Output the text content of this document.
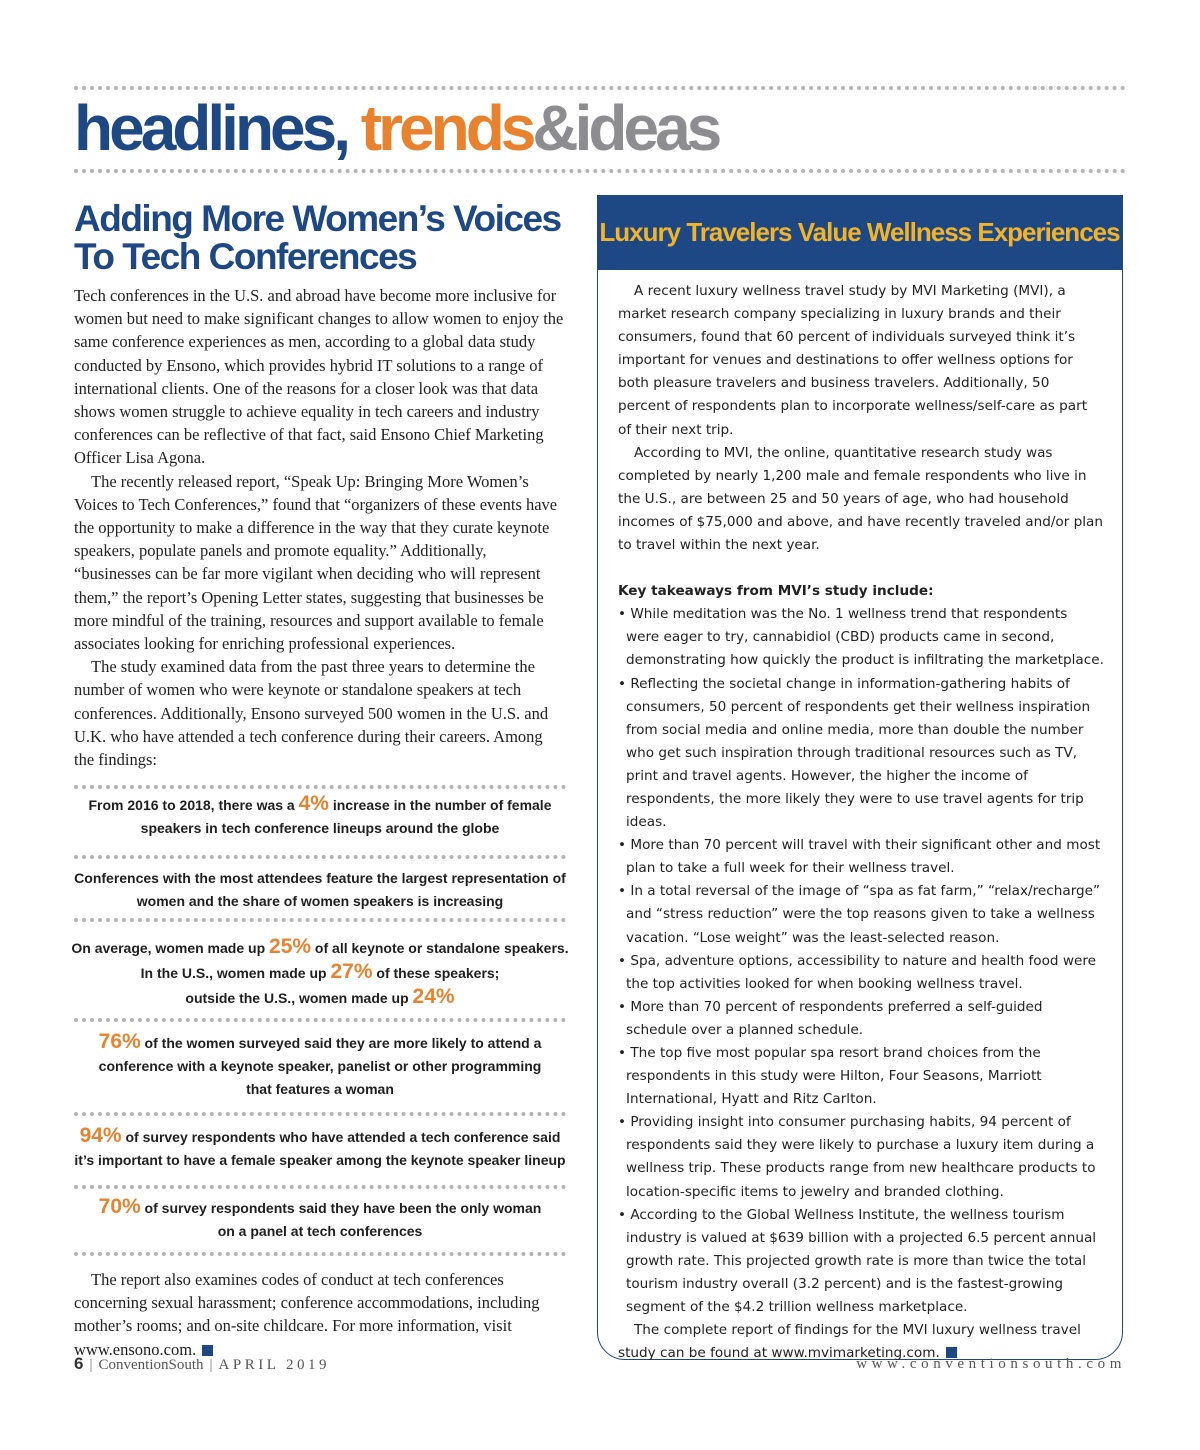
headlines, trends&ideas
Adding More Women’s Voices
To Tech Conferences

Tech conferences in the U.S. and abroad have become more inclusive for women but need to make significant changes to allow women to enjoy the same conference experiences as men, according to a global data study conducted by Ensono, which provides hybrid IT solutions to a range of international clients. One of the reasons for a closer look was that data shows women struggle to achieve equality in tech careers and industry conferences can be reflective of that fact, said Ensono Chief Marketing Officer Lisa Agona.

The recently released report, “Speak Up: Bringing More Women’s Voices to Tech Conferences,” found that “organizers of these events have the opportunity to make a difference in the way that they curate keynote speakers, populate panels and promote equality.” Additionally, “businesses can be far more vigilant when deciding who will represent them,” the report’s Opening Letter states, suggesting that businesses be more mindful of the training, resources and support available to female associates looking for enriching professional experiences.

The study examined data from the past three years to determine the number of women who were keynote or standalone speakers at tech conferences. Additionally, Ensono surveyed 500 women in the U.S. and U.K. who have attended a tech conference during their careers. Among the findings:

From 2016 to 2018, there was a 4% increase in the number of female
speakers in tech conference lineups around the globe
Conferences with the most attendees feature the largest representation of
women and the share of women speakers is increasing
On average, women made up 25% of all keynote or standalone speakers.
In the U.S., women made up 27% of these speakers;
outside the U.S., women made up 24%
76% of the women surveyed said they are more likely to attend a
conference with a keynote speaker, panelist or other programming
that features a woman
94% of survey respondents who have attended a tech conference said
it’s important to have a female speaker among the keynote speaker lineup
70% of survey respondents said they have been the only woman
on a panel at tech conferences

The report also examines codes of conduct at tech conferences concerning sexual harassment; conference accommodations, including mother’s rooms; and on-site childcare. For more information, visit www.ensono.com.

Luxury Travelers Value Wellness Experiences

A recent luxury wellness travel study by MVI Marketing (MVI), a market research company specializing in luxury brands and their consumers, found that 60 percent of individuals surveyed think it’s important for venues and destinations to offer wellness options for both pleasure travelers and business travelers. Additionally, 50 percent of respondents plan to incorporate wellness/self-care as part of their next trip.

According to MVI, the online, quantitative research study was completed by nearly 1,200 male and female respondents who live in the U.S., are between 25 and 50 years of age, who had household incomes of $75,000 and above, and have recently traveled and/or plan to travel within the next year.

Key takeaways from MVI’s study include:

• While meditation was the No. 1 wellness trend that respondents were eager to try, cannabidiol (CBD) products came in second, demonstrating how quickly the product is infiltrating the marketplace.
• Reflecting the societal change in information-gathering habits of consumers, 50 percent of respondents get their wellness inspiration from social media and online media, more than double the number who get such inspiration through traditional resources such as TV, print and travel agents. However, the higher the income of respondents, the more likely they were to use travel agents for trip ideas.
• More than 70 percent will travel with their significant other and most plan to take a full week for their wellness travel.
• In a total reversal of the image of “spa as fat farm,” “relax/recharge” and “stress reduction” were the top reasons given to take a wellness vacation. “Lose weight” was the least-selected reason.
• Spa, adventure options, accessibility to nature and health food were the top activities looked for when booking wellness travel.
• More than 70 percent of respondents preferred a self-guided schedule over a planned schedule.
• The top five most popular spa resort brand choices from the respondents in this study were Hilton, Four Seasons, Marriott International, Hyatt and Ritz Carlton.
• Providing insight into consumer purchasing habits, 94 percent of respondents said they were likely to purchase a luxury item during a wellness trip. These products range from new healthcare products to location-specific items to jewelry and branded clothing.
• According to the Global Wellness Institute, the wellness tourism industry is valued at $639 billion with a projected 6.5 percent annual growth rate. This projected growth rate is more than twice the total tourism industry overall (3.2 percent) and is the fastest-growing segment of the $4.2 trillion wellness marketplace.

The complete report of findings for the MVI luxury wellness travel study can be found at www.mvimarketing.com.

6 | ConventionSouth | APRIL 2019	www.conventionsouth.com
